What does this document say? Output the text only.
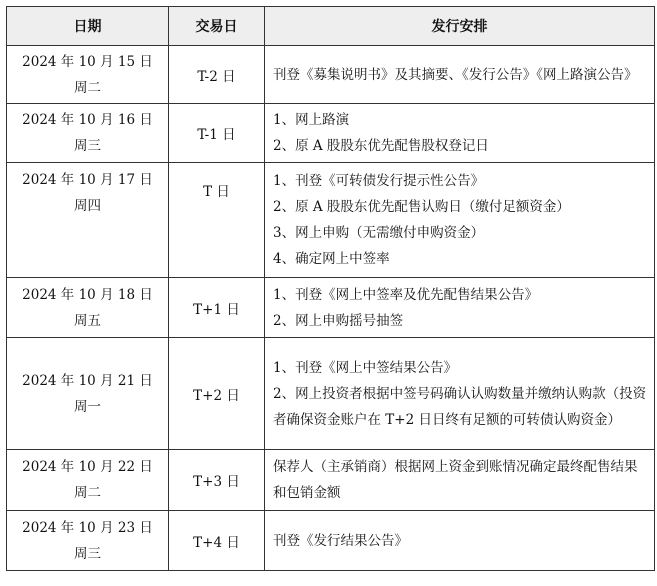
日期	交易日	发行安排

2024 年 10 月 15 日
周二	T-2 日	刊登《募集说明书》及其摘要、《发行公告》《网上路演公告》

2024 年 10 月 16 日
周三	T-1 日	1、网上路演
2、原 A 股股东优先配售股权登记日

2024 年 10 月 17 日
周四	T 日	1、刊登《可转债发行提示性公告》
2、原 A 股股东优先配售认购日（缴付足额资金）
3、网上申购（无需缴付申购资金）
4、确定网上中签率

2024 年 10 月 18 日
周五	T+1 日	1、刊登《网上中签率及优先配售结果公告》
2、网上申购摇号抽签

2024 年 10 月 21 日
周一	T+2 日	1、刊登《网上中签结果公告》
2、网上投资者根据中签号码确认认购数量并缴纳认购款（投资者确保资金账户在 T+2 日日终有足额的可转债认购资金）

2024 年 10 月 22 日
周二	T+3 日	保荐人（主承销商）根据网上资金到账情况确定最终配售结果和包销金额

2024 年 10 月 23 日
周三	T+4 日	刊登《发行结果公告》
